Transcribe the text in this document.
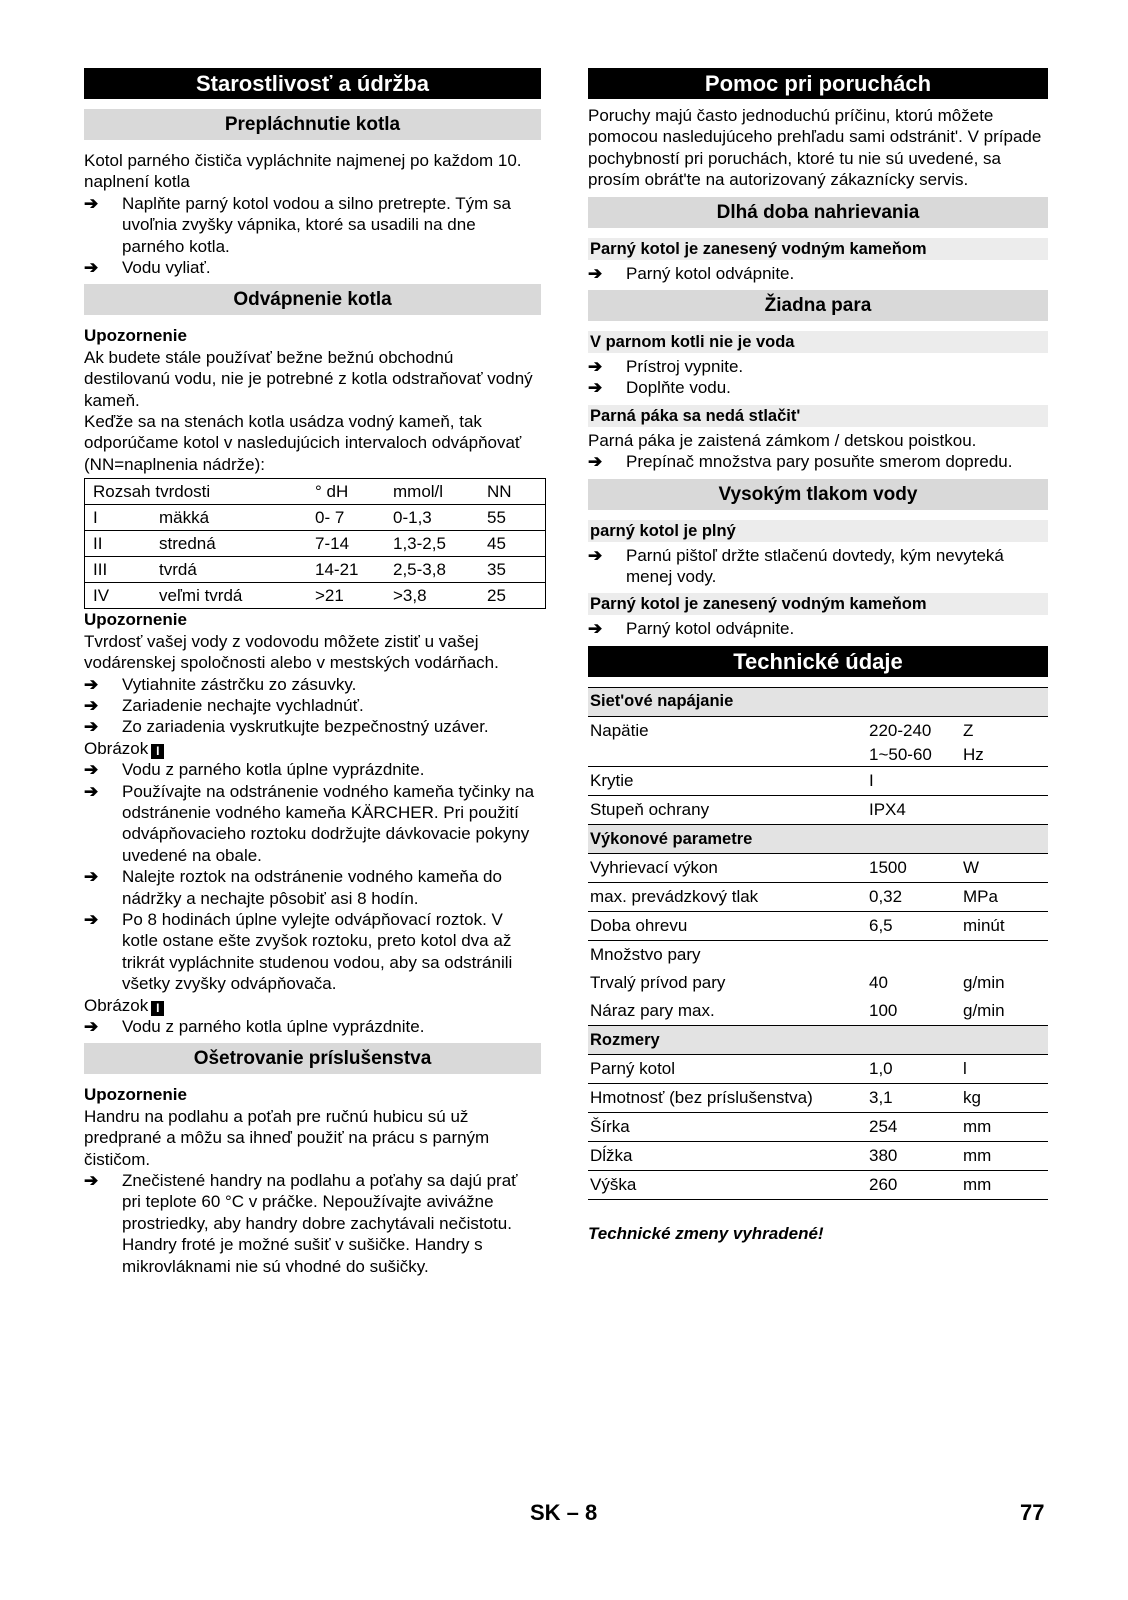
Starostlivosť a údržba
Prepláchnutie kotla
Kotol parného čističa vypláchnite najmenej po každom 10. naplnení kotla
➔	Naplňte parný kotol vodou a silno pretrepte. Tým sa uvoľnia zvyšky vápnika, ktoré sa usadili na dne parného kotla.
➔	Vodu vyliať.
Odvápnenie kotla
Upozornenie
Ak budete stále používať bežne bežnú obchodnú destilovanú vodu, nie je potrebné z kotla odstraňovať vodný kameň.
Keďže sa na stenách kotla usádza vodný kameň, tak odporúčame kotol v nasledujúcich intervaloch odvápňovať (NN=naplnenia nádrže):
Rozsah tvrdosti		° dH	mmol/l	NN
I	mäkká	0- 7	0-1,3	55
II	stredná	7-14	1,3-2,5	45
III	tvrdá	14-21	2,5-3,8	35
IV	veľmi tvrdá	>21	>3,8	25
Upozornenie
Tvrdosť vašej vody z vodovodu môžete zistiť u vašej vodárenskej spoločnosti alebo v mestských vodárňach.
➔	Vytiahnite zástrčku zo zásuvky.
➔	Zariadenie nechajte vychladnúť.
➔	Zo zariadenia vyskrutkujte bezpečnostný uzáver.
Obrázok I
➔	Vodu z parného kotla úplne vyprázdnite.
➔	Používajte na odstránenie vodného kameňa tyčinky na odstránenie vodného kameňa KÄRCHER. Pri použití odvápňovacieho roztoku dodržujte dávkovacie pokyny uvedené na obale.
➔	Nalejte roztok na odstránenie vodného kameňa do nádržky a nechajte pôsobiť asi 8 hodín.
➔	Po 8 hodinách úplne vylejte odvápňovací roztok. V kotle ostane ešte zvyšok roztoku, preto kotol dva až trikrát vypláchnite studenou vodou, aby sa odstránili všetky zvyšky odvápňovača.
Obrázok I
➔	Vodu z parného kotla úplne vyprázdnite.
Ošetrovanie príslušenstva
Upozornenie
Handru na podlahu a poťah pre ručnú hubicu sú už predprané a môžu sa ihneď použiť na prácu s parným čističom.
➔	Znečistené handry na podlahu a poťahy sa dajú prať pri teplote 60 °C v práčke. Nepoužívajte avivážne prostriedky, aby handry dobre zachytávali nečistotu. Handry froté je možné sušiť v sušičke. Handry s mikrovláknami nie sú vhodné do sušičky.
Pomoc pri poruchách
Poruchy majú často jednoduchú príčinu, ktorú môžete pomocou nasledujúceho prehľadu sami odstránit'. V prípade pochybností pri poruchách, ktoré tu nie sú uvedené, sa prosím obrát'te na autorizovaný zákaznícky servis.
Dlhá doba nahrievania
Parný kotol je zanesený vodným kameňom
➔	Parný kotol odvápnite.
Žiadna para
V parnom kotli nie je voda
➔	Prístroj vypnite.
➔	Doplňte vodu.
Parná páka sa nedá stlačit'
Parná páka je zaistená zámkom / detskou poistkou.
➔	Prepínač množstva pary posuňte smerom dopredu.
Vysokým tlakom vody
parný kotol je plný
➔	Parnú pištoľ držte stlačenú dovtedy, kým nevyteká menej vody.
Parný kotol je zanesený vodným kameňom
➔	Parný kotol odvápnite.
Technické údaje
Siet'ové napájanie		
Napätie	220-240	Z
	1~50-60	Hz
Krytie	I	
Stupeň ochrany	IPX4	
Výkonové parametre		
Vyhrievací výkon	1500	W
max. prevádzkový tlak	0,32	MPa
Doba ohrevu	6,5	minút
Množstvo pary		
Trvalý prívod pary	40	g/min
Náraz pary max.	100	g/min
Rozmery		
Parný kotol	1,0	l
Hmotnosť (bez príslušenstva)	3,1	kg
Šírka	254	mm
Dĺžka	380	mm
Výška	260	mm
Technické zmeny vyhradené!
SK – 8	77
